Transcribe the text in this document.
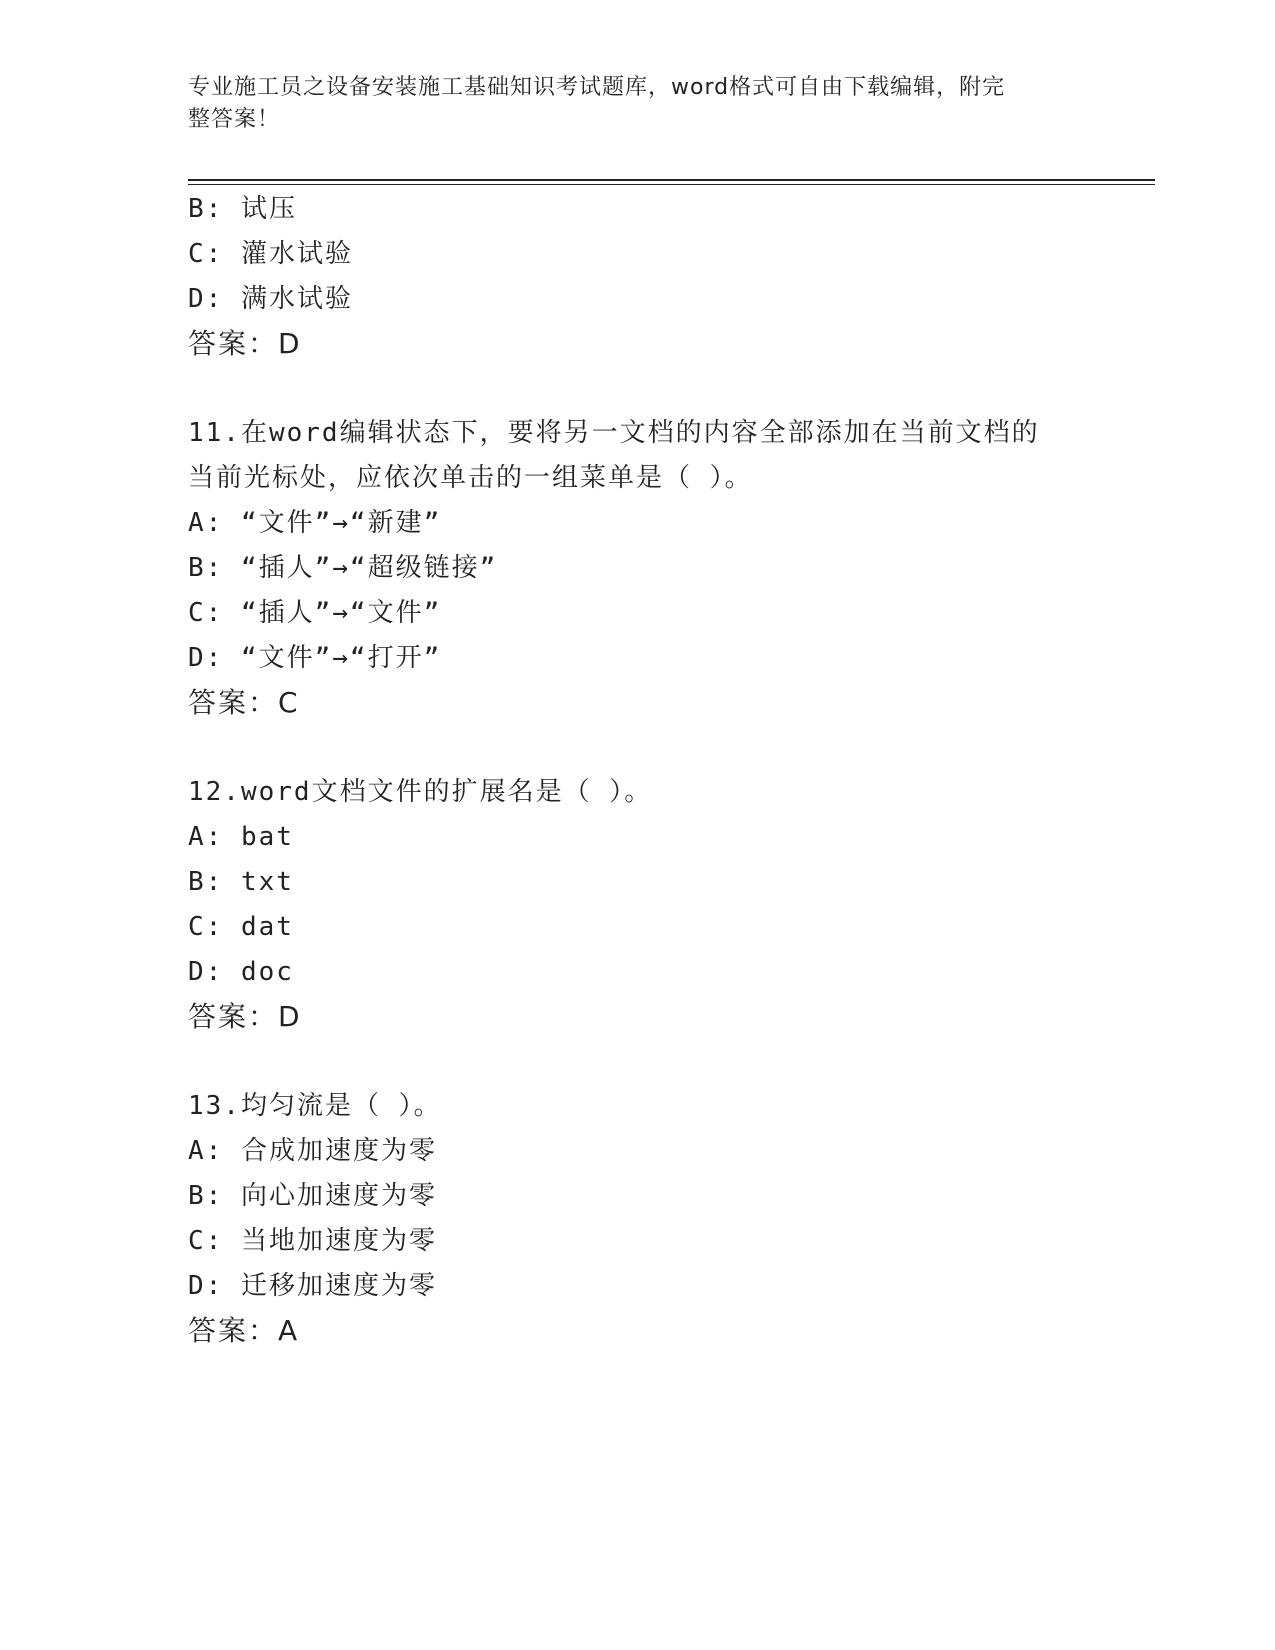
专业施工员之设备安装施工基础知识考试题库，word格式可自由下载编辑，附完
整答案！
B: 试压
C: 灌水试验
D: 满水试验
答案：D
11.在word编辑状态下，要将另一文档的内容全部添加在当前文档的
当前光标处，应依次单击的一组菜单是（ ）。
A: “文件”→“新建”
B: “插人”→“超级链接”
C: “插人”→“文件”
D: “文件”→“打开”
答案：C
12.word文档文件的扩展名是（ ）。
A: bat
B: txt
C: dat
D: doc
答案：D
13.均匀流是（ ）。
A: 合成加速度为零
B: 向心加速度为零
C: 当地加速度为零
D: 迁移加速度为零
答案：A
